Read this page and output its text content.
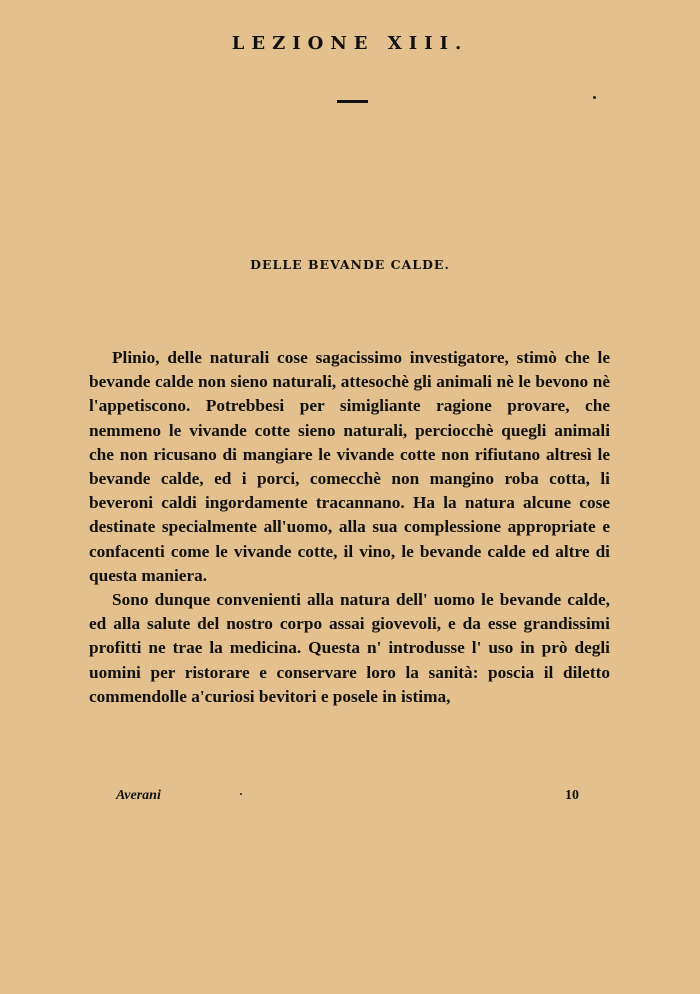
LEZIONE XIII.
DELLE BEVANDE CALDE.

Plinio, delle naturali cose sagacissimo investigatore, stimò che le bevande calde non sieno naturali, attesochè gli animali nè le bevono nè l'appetiscono. Potrebbesi per simigliante ragione provare, che nemmeno le vivande cotte sieno naturali, perciocchè quegli animali che non ricusano di mangiare le vivande cotte non rifiutano altresì le bevande calde, ed i porci, comecchè non mangino roba cotta, li beveroni caldi ingordamente tracannano. Ha la natura alcune cose destinate specialmente all'uomo, alla sua complessione appropriate e confacenti come le vivande cotte, il vino, le bevande calde ed altre di questa maniera.

Sono dunque convenienti alla natura dell' uomo le bevande calde, ed alla salute del nostro corpo assai giovevoli, e da esse grandissimi profitti ne trae la medicina. Questa n' introdusse l' uso in prò degli uomini per ristorare e conservare loro la sanità: poscia il diletto commendolle a'curiosi bevitori e posele in istima,

Averani	10
